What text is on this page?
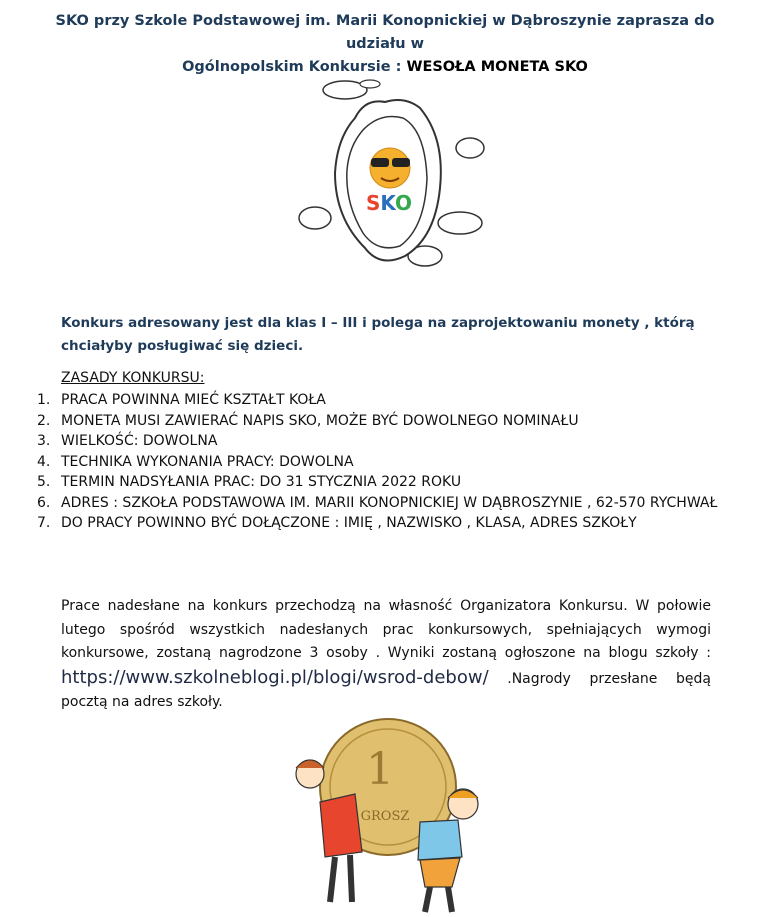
SKO przy Szkole Podstawowej im. Marii Konopnickiej w Dąbroszynie zaprasza do udziału w
Ogólnopolskim Konkursie : WESOŁA MONETA SKO
SKO
Konkurs adresowany jest dla klas I – III i polega na zaprojektowaniu monety , którą chciałyby posługiwać się dzieci.
ZASADY KONKURSU:
1. PRACA POWINNA MIEĆ KSZTAŁT KOŁA
2. MONETA MUSI ZAWIERAĆ NAPIS SKO, MOŻE BYĆ DOWOLNEGO NOMINAŁU
3. WIELKOŚĆ: DOWOLNA
4. TECHNIKA WYKONANIA PRACY: DOWOLNA
5. TERMIN NADSYŁANIA PRAC: DO 31 STYCZNIA 2022 ROKU
6. ADRES : SZKOŁA PODSTAWOWA IM. MARII KONOPNICKIEJ W DĄBROSZYNIE , 62-570 RYCHWAŁ
7. DO PRACY POWINNO BYĆ DOŁĄCZONE : IMIĘ , NAZWISKO , KLASA, ADRES SZKOŁY
Prace nadesłane na konkurs przechodzą na własność Organizatora Konkursu. W połowie lutego spośród wszystkich nadesłanych prac konkursowych, spełniających wymogi konkursowe, zostaną nagrodzone 3 osoby . Wyniki zostaną ogłoszone na blogu szkoły : https://www.szkolneblogi.pl/blogi/wsrod-debow/ .Nagrody przesłane będą pocztą na adres szkoły.
1
GROSZ
